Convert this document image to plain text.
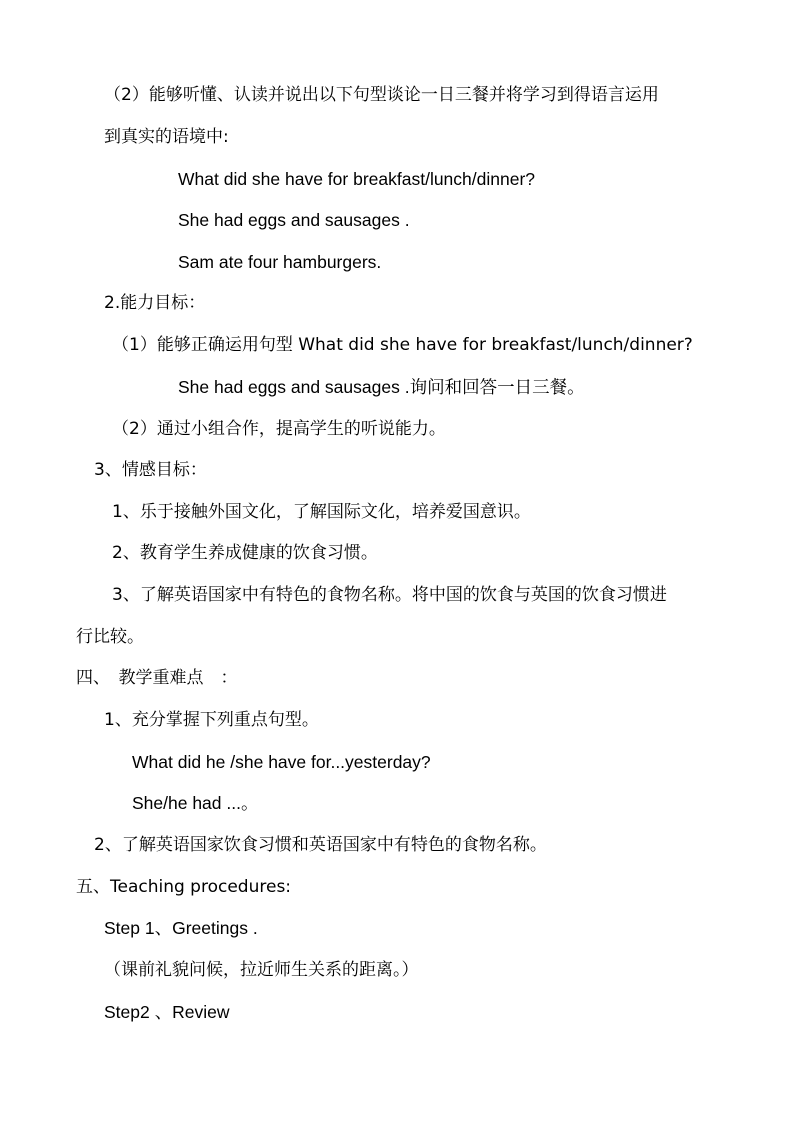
（2）能够听懂、认读并说出以下句型谈论一日三餐并将学习到得语言运用
到真实的语境中:
What did she have for breakfast/lunch/dinner?
She had eggs and sausages .
Sam ate four hamburgers.
2.能力目标：
（1）能够正确运用句型 What did she have for breakfast/lunch/dinner?
She had eggs and sausages .询问和回答一日三餐。
（2）通过小组合作，提高学生的听说能力。
3、情感目标：
1、乐于接触外国文化，了解国际文化，培养爱国意识。
2、教育学生养成健康的饮食习惯。
3、了解英语国家中有特色的食物名称。将中国的饮食与英国的饮食习惯进
行比较。
四、　教学重难点　：
1、充分掌握下列重点句型。
What did he /she have for...yesterday?
She/he had ...。
2、了解英语国家饮食习惯和英语国家中有特色的食物名称。
五、Teaching procedures:
Step 1、Greetings .
（课前礼貌问候，拉近师生关系的距离。）
Step2 、Review
